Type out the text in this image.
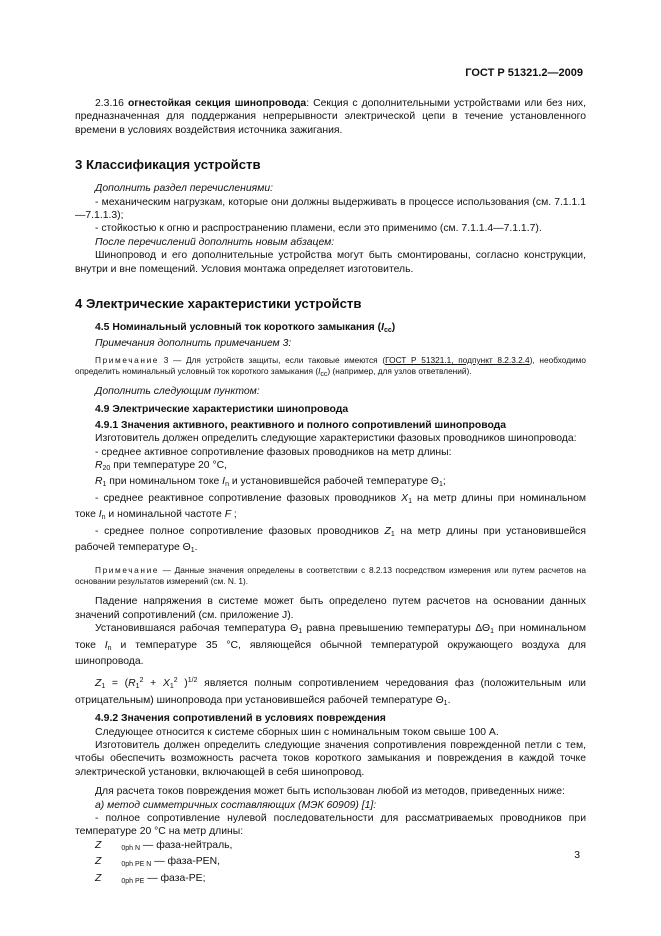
ГОСТ Р 51321.2—2009

2.3.16 огнестойкая секция шинопровода: Секция с дополнительными устройствами или без них, предназначенная для поддержания непрерывности электрической цепи в течение установленного времени в условиях воздействия источника зажигания.

3 Классификация устройств

Дополнить раздел перечислениями:

- механическим нагрузкам, которые они должны выдерживать в процессе использования (см. 7.1.1.1—7.1.1.3);

- стойкостью к огню и распространению пламени, если это применимо (см. 7.1.1.4—7.1.1.7).

После перечислений дополнить новым абзацем:

Шинопровод и его дополнительные устройства могут быть смонтированы, согласно конструкции, внутри и вне помещений. Условия монтажа определяет изготовитель.

4 Электрические характеристики устройств

4.5 Номинальный условный ток короткого замыкания $(I_{cc})$

Примечания дополнить примечанием 3:

Примечание 3 — Для устройств защиты, если таковые имеются (ГОСТ Р 51321.1, подпункт 8.2.3.2.4), необходимо определить номинальный условный ток короткого замыкания $(I_{cc})$ (например, для узлов ответвлений).

Дополнить следующим пунктом:

4.9 Электрические характеристики шинопровода

4.9.1 Значения активного, реактивного и полного сопротивлений шинопровода

Изготовитель должен определить следующие характеристики фазовых проводников шинопровода:

- среднее активное сопротивление фазовых проводников на метр длины:

$R_{20}$ при температуре 20 °С,

$R_1$ при номинальном токе $I_n$ и установившейся рабочей температуре $\Theta_1$;

- среднее реактивное сопротивление фазовых проводников $X_1$ на метр длины при номинальном токе $I_n$ и номинальной частоте F ;

- среднее полное сопротивление фазовых проводников $Z_1$ на метр длины при установившейся рабочей температуре $\Theta_1$.

Примечание — Данные значения определены в соответствии с 8.2.13 посредством измерения или путем расчетов на основании результатов измерений (см. N. 1).

Падение напряжения в системе может быть определено путем расчетов на основании данных значений сопротивлений (см. приложение J).

Установившаяся рабочая температура $\Theta_1$ равна превышению температуры $\Delta\Theta_1$ при номинальном токе $I_n$ и температуре 35 °С, являющейся обычной температурой окружающего воздуха для шинопровода.

$Z_1 = (R_1^2 + X_1^2$ )$^{1/2}$ является полным сопротивлением чередования фаз (положительным или отрицательным) шинопровода при установившейся рабочей температуре $\Theta_1$.

4.9.2 Значения сопротивлений в условиях повреждения

Следующее относится к системе сборных шин с номинальным током свыше 100 А.

Изготовитель должен определить следующие значения сопротивления поврежденной петли с тем, чтобы обеспечить возможность расчета токов короткого замыкания и повреждения в каждой точке электрической установки, включающей в себя шинопровод.

Для расчета токов повреждения может быть использован любой из методов, приведенных ниже:

а) метод симметричных составляющих (МЭК 60909) [1]:

- полное сопротивление нулевой последовательности для рассматриваемых проводников при температуре 20 °С на метр длины:

Z	0ph N — фаза-нейтраль,

Z	0ph PE N — фаза-PEN,

Z	0ph PE — фаза-PE;

3
